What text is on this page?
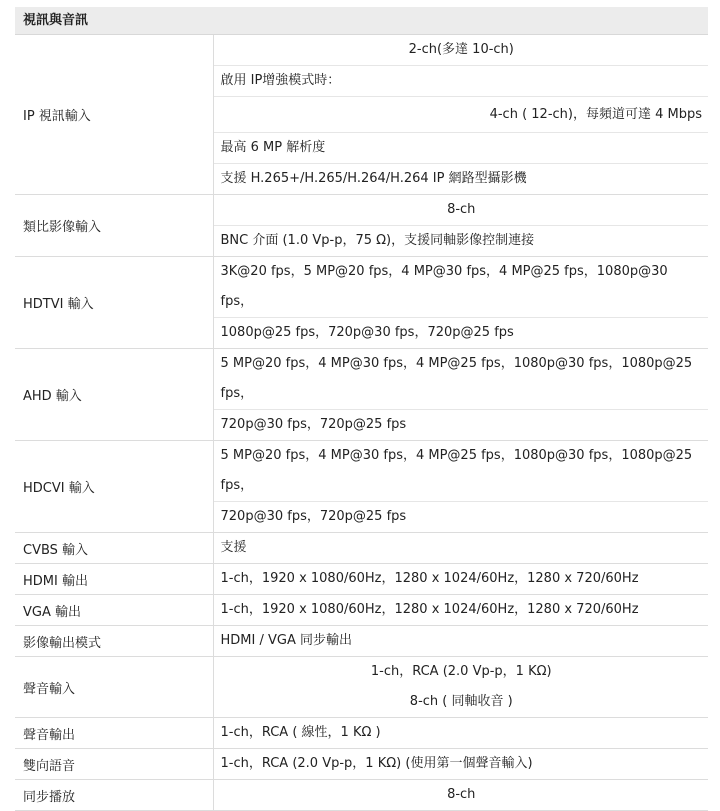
視訊與音訊
IP 視訊輸入	2-ch(多達 10-ch)
啟用 IP增強模式時：
4-ch ( 12-ch)，每頻道可達 4 Mbps
最高 6 MP 解析度
支援 H.265+/H.265/H.264/H.264 IP 網路型攝影機

類比影像輸入	8-ch
BNC 介面 (1.0 Vp-p，75 Ω)，支援同軸影像控制連接

HDTVI 輸入	3K@20 fps，5 MP@20 fps，4 MP@30 fps，4 MP@25 fps，1080p@30 fps，
1080p@25 fps，720p@30 fps，720p@25 fps

AHD 輸入	5 MP@20 fps，4 MP@30 fps，4 MP@25 fps，1080p@30 fps，1080p@25 fps，
720p@30 fps，720p@25 fps

HDCVI 輸入	5 MP@20 fps，4 MP@30 fps，4 MP@25 fps，1080p@30 fps，1080p@25 fps，
720p@30 fps，720p@25 fps

CVBS 輸入	支援

HDMI 輸出	1-ch，1920 x 1080/60Hz，1280 x 1024/60Hz，1280 x 720/60Hz

VGA 輸出	1-ch，1920 x 1080/60Hz，1280 x 1024/60Hz，1280 x 720/60Hz

影像輸出模式	HDMI / VGA 同步輸出

聲音輸入	1-ch，RCA (2.0 Vp-p，1 KΩ)
8-ch ( 同軸收音 )

聲音輸出	1-ch，RCA ( 線性，1 KΩ )

雙向語音	1-ch，RCA (2.0 Vp-p，1 KΩ) (使用第一個聲音輸入)

同步播放	8-ch
